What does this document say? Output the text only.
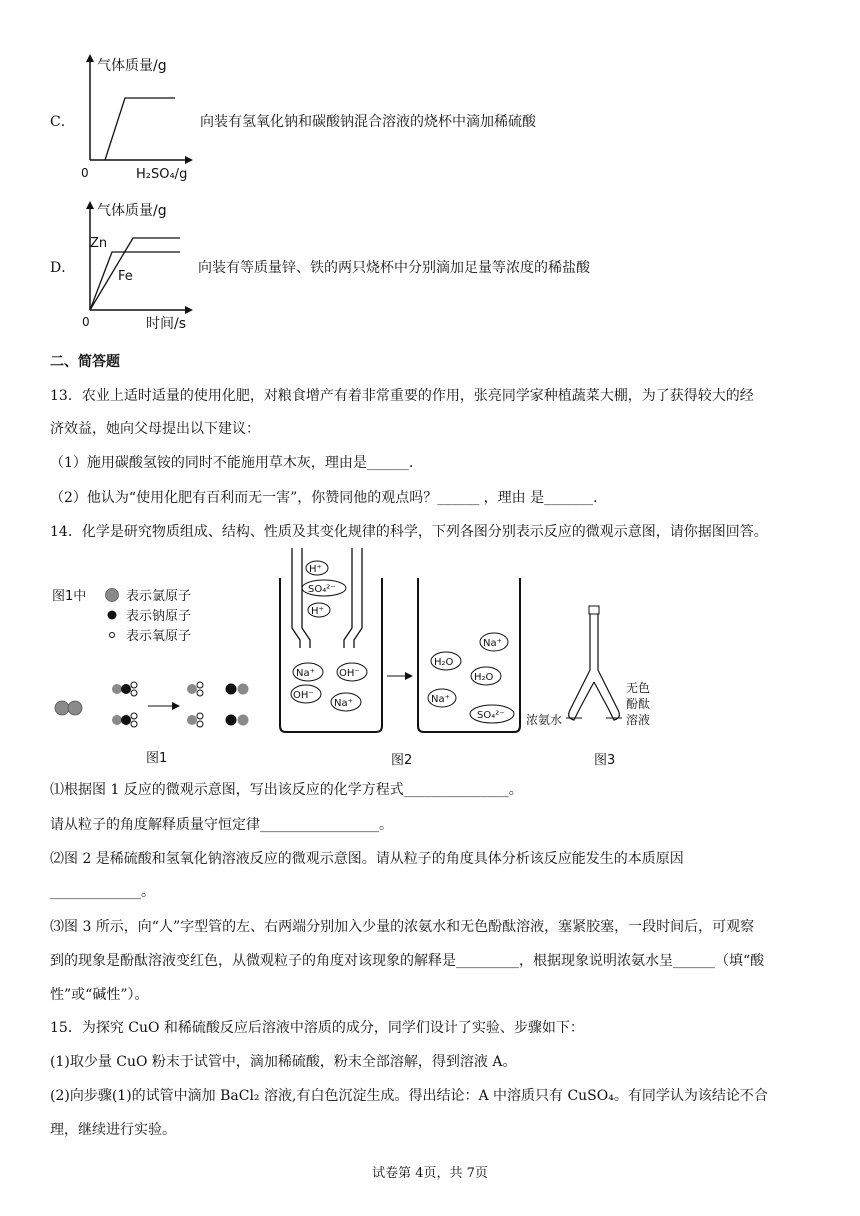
气体质量/g
0	H₂SO₄/g
C．	向装有氢氧化钠和碳酸钠混合溶液的烧杯中滴加稀硫酸
气体质量/g
Zn
Fe
0	时间/s
D．	向装有等质量锌、铁的两只烧杯中分别滴加足量等浓度的稀盐酸
二、简答题
13．农业上适时适量的使用化肥，对粮食增产有着非常重要的作用，张亮同学家种植蔬菜大棚，为了获得较大的经
济效益，她向父母提出以下建议：
（1）施用碳酸氢铵的同时不能施用草木灰，理由是______.
（2）他认为“使用化肥有百利而无一害”，你赞同他的观点吗？______ ，理由 是_______.
14．化学是研究物质组成、结构、性质及其变化规律的科学，下列各图分别表示反应的微观示意图，请你据图回答。
图1中	表示氯原子
表示钠原子
表示氧原子
图1
H⁺
SO₄²⁻
H⁺
Na⁺ OH⁻
OH⁻
Na⁺
Na⁺
H₂O
H₂O
Na⁺
SO₄²⁻
图2
浓氨水
无色
酚酞
溶液
图3
⑴根据图 1 反应的微观示意图，写出该反应的化学方程式_______________。
请从粒子的角度解释质量守恒定律_________________。
⑵图 2 是稀硫酸和氢氧化钠溶液反应的微观示意图。请从粒子的角度具体分析该反应能发生的本质原因
_____________。
⑶图 3 所示，向“人”字型管的左、右两端分别加入少量的浓氨水和无色酚酞溶液，塞紧胶塞，一段时间后，可观察
到的现象是酚酞溶液变红色，从微观粒子的角度对该现象的解释是_________，根据现象说明浓氨水呈______（填“酸
性”或“碱性”）。
15．为探究 CuO 和稀硫酸反应后溶液中溶质的成分，同学们设计了实验、步骤如下：
(1)取少量 CuO 粉末于试管中，滴加稀硫酸，粉末全部溶解，得到溶液 A。
(2)向步骤(1)的试管中滴加 BaCl₂ 溶液,有白色沉淀生成。得出结论：A 中溶质只有 CuSO₄。有同学认为该结论不合
理，继续进行实验。
试卷第 4页，共 7页
